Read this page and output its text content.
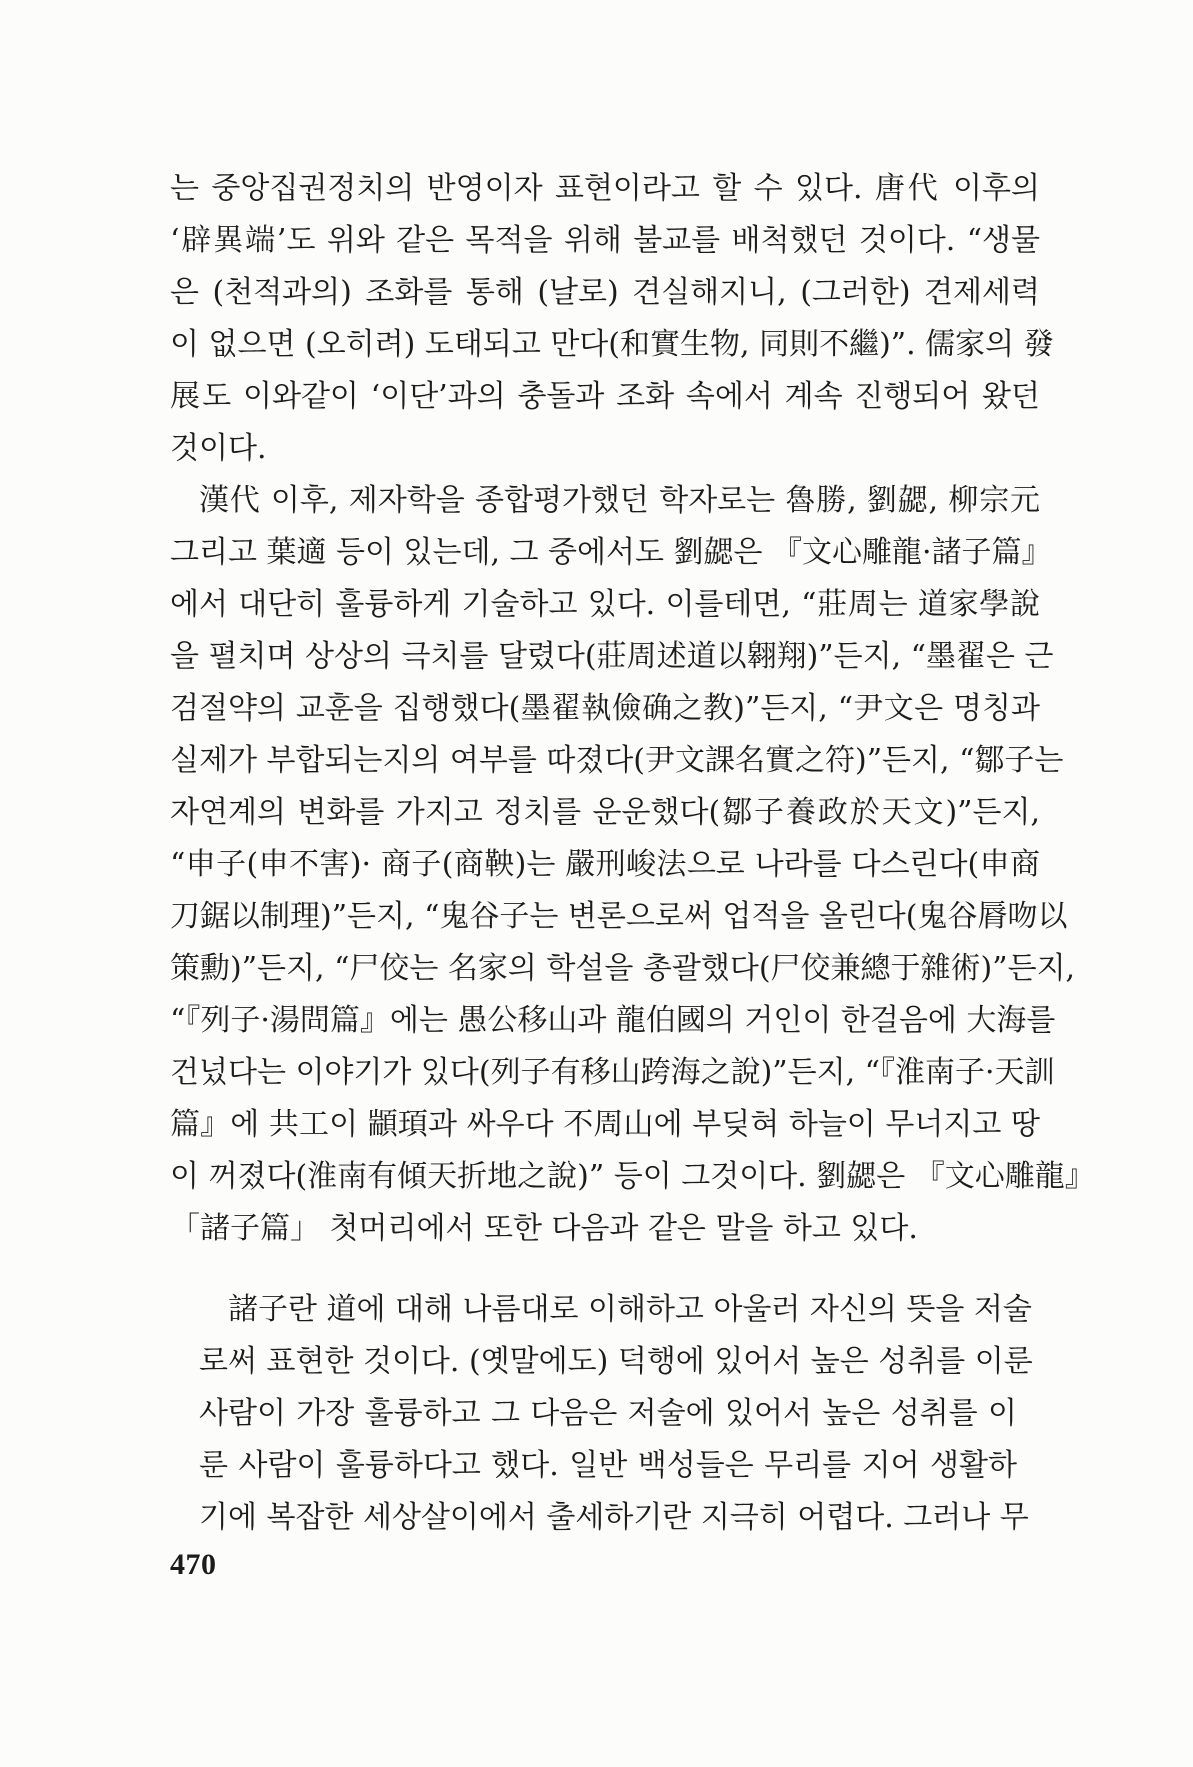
는 중앙집권정치의 반영이자 표현이라고 할 수 있다. 唐代 이후의
‘辟異端’도 위와 같은 목적을 위해 불교를 배척했던 것이다. “생물
은 (천적과의) 조화를 통해 (날로) 견실해지니, (그러한) 견제세력
이 없으면 (오히려) 도태되고 만다(和實生物, 同則不繼)”. 儒家의 發
展도 이와같이 ‘이단’과의 충돌과 조화 속에서 계속 진행되어 왔던
것이다.
漢代 이후, 제자학을 종합평가했던 학자로는 魯勝, 劉勰, 柳宗元
그리고 葉適 등이 있는데, 그 중에서도 劉勰은 『文心雕龍·諸子篇』
에서 대단히 훌륭하게 기술하고 있다. 이를테면, “莊周는 道家學說
을 펼치며 상상의 극치를 달렸다(莊周述道以翱翔)”든지, “墨翟은 근
검절약의 교훈을 집행했다(墨翟執儉确之教)”든지, “尹文은 명칭과
실제가 부합되는지의 여부를 따졌다(尹文課名實之符)”든지, “鄒子는
자연계의 변화를 가지고 정치를 운운했다(鄒子養政於天文)”든지,
“申子(申不害)· 商子(商鞅)는 嚴刑峻法으로 나라를 다스린다(申商
刀鋸以制理)”든지, “鬼谷子는 변론으로써 업적을 올린다(鬼谷脣吻以
策勳)”든지, “尸佼는 名家의 학설을 총괄했다(尸佼兼總于雜術)”든지,
“『列子·湯問篇』에는 愚公移山과 龍伯國의 거인이 한걸음에 大海를
건넜다는 이야기가 있다(列子有移山跨海之說)”든지, “『淮南子·天訓
篇』에 共工이 顓頊과 싸우다 不周山에 부딪혀 하늘이 무너지고 땅
이 꺼졌다(淮南有傾天折地之說)” 등이 그것이다. 劉勰은 『文心雕龍』
「諸子篇」 첫머리에서 또한 다음과 같은 말을 하고 있다.
諸子란 道에 대해 나름대로 이해하고 아울러 자신의 뜻을 저술
로써 표현한 것이다. (옛말에도) 덕행에 있어서 높은 성취를 이룬
사람이 가장 훌륭하고 그 다음은 저술에 있어서 높은 성취를 이
룬 사람이 훌륭하다고 했다. 일반 백성들은 무리를 지어 생활하
기에 복잡한 세상살이에서 출세하기란 지극히 어렵다. 그러나 무
470
